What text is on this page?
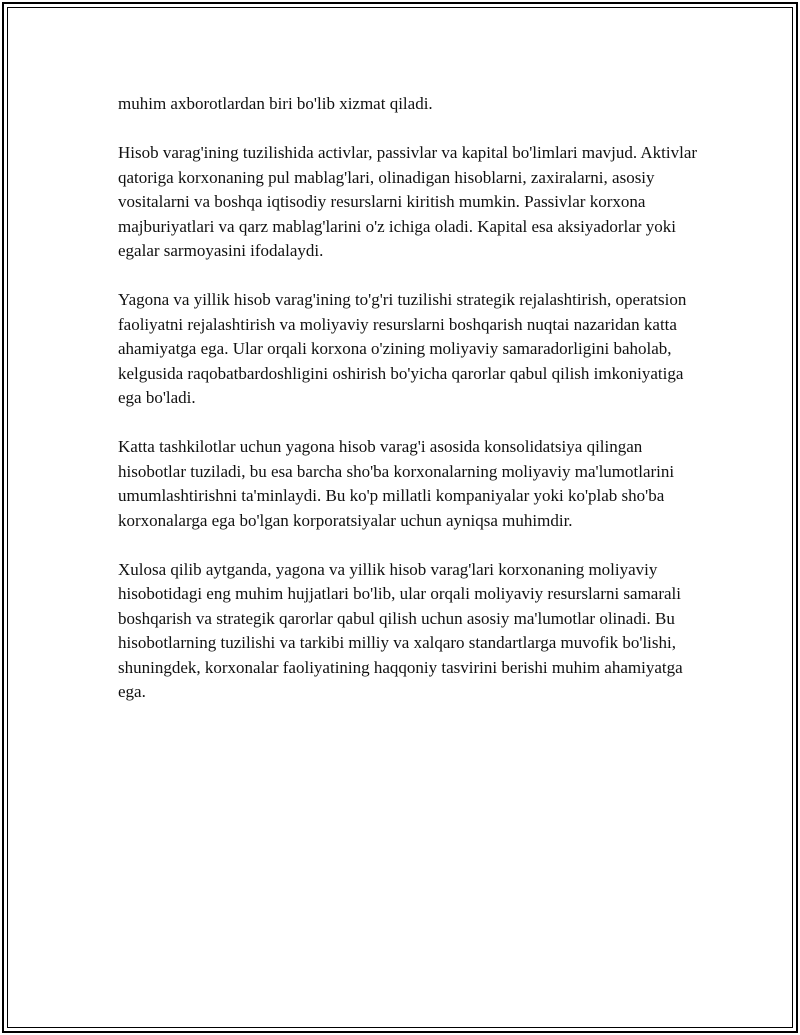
muhim axborotlardan biri bo'lib xizmat qiladi.

Hisob varag'ining tuzilishida activlar, passivlar va kapital bo'limlari mavjud. Aktivlar qatoriga korxonaning pul mablag'lari, olinadigan hisoblarni, zaxiralarni, asosiy vositalarni va boshqa iqtisodiy resurslarni kiritish mumkin. Passivlar korxona majburiyatlari va qarz mablag'larini o'z ichiga oladi. Kapital esa aksiyadorlar yoki egalar sarmoyasini ifodalaydi.

Yagona va yillik hisob varag'ining to'g'ri tuzilishi strategik rejalashtirish, operatsion faoliyatni rejalashtirish va moliyaviy resurslarni boshqarish nuqtai nazaridan katta ahamiyatga ega. Ular orqali korxona o'zining moliyaviy samaradorligini baholab, kelgusida raqobatbardoshligini oshirish bo'yicha qarorlar qabul qilish imkoniyatiga ega bo'ladi.

Katta tashkilotlar uchun yagona hisob varag'i asosida konsolidatsiya qilingan hisobotlar tuziladi, bu esa barcha sho'ba korxonalarning moliyaviy ma'lumotlarini umumlashtirishni ta'minlaydi. Bu ko'p millatli kompaniyalar yoki ko'plab sho'ba korxonalarga ega bo'lgan korporatsiyalar uchun ayniqsa muhimdir.

Xulosa qilib aytganda, yagona va yillik hisob varag'lari korxonaning moliyaviy hisobotidagi eng muhim hujjatlari bo'lib, ular orqali moliyaviy resurslarni samarali boshqarish va strategik qarorlar qabul qilish uchun asosiy ma'lumotlar olinadi. Bu hisobotlarning tuzilishi va tarkibi milliy va xalqaro standartlarga muvofik bo'lishi, shuningdek, korxonalar faoliyatining haqqoniy tasvirini berishi muhim ahamiyatga ega.
